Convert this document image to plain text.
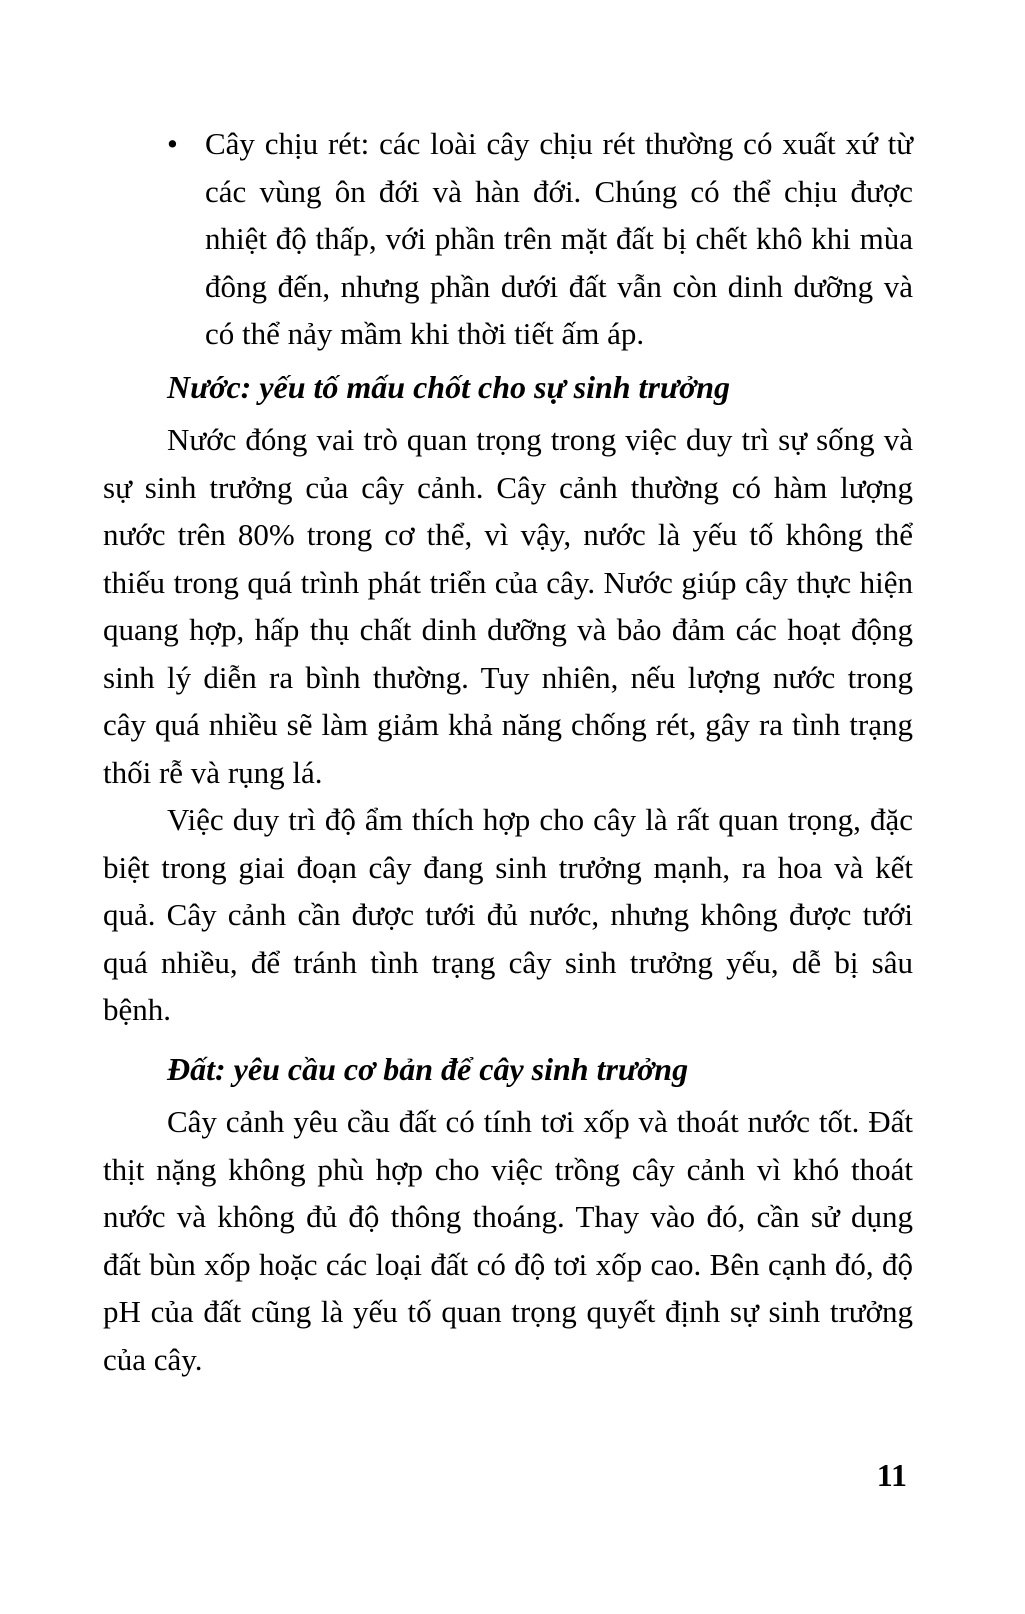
• Cây chịu rét: các loài cây chịu rét thường có xuất xứ từ các vùng ôn đới và hàn đới. Chúng có thể chịu được nhiệt độ thấp, với phần trên mặt đất bị chết khô khi mùa đông đến, nhưng phần dưới đất vẫn còn dinh dưỡng và có thể nảy mầm khi thời tiết ấm áp.
Nước: yếu tố mấu chốt cho sự sinh trưởng

Nước đóng vai trò quan trọng trong việc duy trì sự sống và sự sinh trưởng của cây cảnh. Cây cảnh thường có hàm lượng nước trên 80% trong cơ thể, vì vậy, nước là yếu tố không thể thiếu trong quá trình phát triển của cây. Nước giúp cây thực hiện quang hợp, hấp thụ chất dinh dưỡng và bảo đảm các hoạt động sinh lý diễn ra bình thường. Tuy nhiên, nếu lượng nước trong cây quá nhiều sẽ làm giảm khả năng chống rét, gây ra tình trạng thối rễ và rụng lá.

Việc duy trì độ ẩm thích hợp cho cây là rất quan trọng, đặc biệt trong giai đoạn cây đang sinh trưởng mạnh, ra hoa và kết quả. Cây cảnh cần được tưới đủ nước, nhưng không được tưới quá nhiều, để tránh tình trạng cây sinh trưởng yếu, dễ bị sâu bệnh.

Đất: yêu cầu cơ bản để cây sinh trưởng

Cây cảnh yêu cầu đất có tính tơi xốp và thoát nước tốt. Đất thịt nặng không phù hợp cho việc trồng cây cảnh vì khó thoát nước và không đủ độ thông thoáng. Thay vào đó, cần sử dụng đất bùn xốp hoặc các loại đất có độ tơi xốp cao. Bên cạnh đó, độ pH của đất cũng là yếu tố quan trọng quyết định sự sinh trưởng của cây.

11
